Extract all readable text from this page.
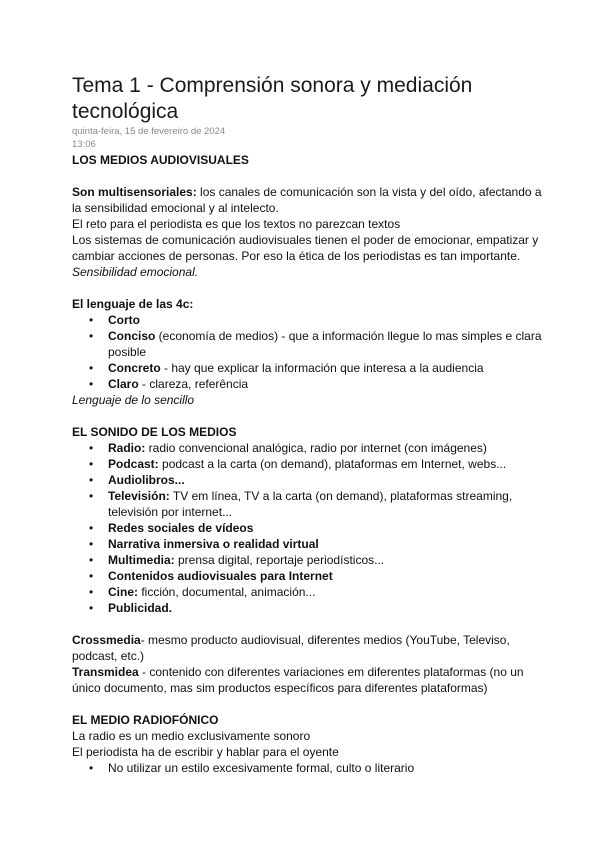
Tema 1 - Comprensión sonora y mediación tecnológica
quinta-feira, 15 de fevereiro de 2024
13:06

LOS MEDIOS AUDIOVISUALES

Son multisensoriales: los canales de comunicación son la vista y del oído, afectando a la sensibilidad emocional y al intelecto.

El reto para el periodista es que los textos no parezcan textos

Los sistemas de comunicación audiovisuales tienen el poder de emocionar, empatizar y cambiar acciones de personas. Por eso la ética de los periodistas es tan importante. Sensibilidad emocional.

El lenguaje de las 4c:

• Corto
• Conciso (economía de medios) - que a información llegue lo mas simples e clara posible
• Concreto - hay que explicar la información que interesa a la audiencia
• Claro - clareza, referência

Lenguaje de lo sencillo

EL SONIDO DE LOS MEDIOS

• Radio: radio convencional analógica, radio por internet (con imágenes)
• Podcast: podcast a la carta (on demand), plataformas em Internet, webs...
• Audiolibros...
• Televisión: TV em línea, TV a la carta (on demand), plataformas streaming, televisión por internet...
• Redes sociales de vídeos
• Narrativa inmersiva o realidad virtual
• Multimedia: prensa digital, reportaje periodísticos...
• Contenidos audiovisuales para Internet
• Cine: ficción, documental, animación...
• Publicidad.

Crossmedia- mesmo producto audiovisual, diferentes medios (YouTube, Televiso, podcast, etc.)

Transmidea - contenido con diferentes variaciones em diferentes plataformas (no un único documento, mas sim productos específicos para diferentes plataformas)

EL MEDIO RADIOFÓNICO

La radio es un medio exclusivamente sonoro

El periodista ha de escribir y hablar para el oyente

• No utilizar un estilo excesivamente formal, culto o literario
